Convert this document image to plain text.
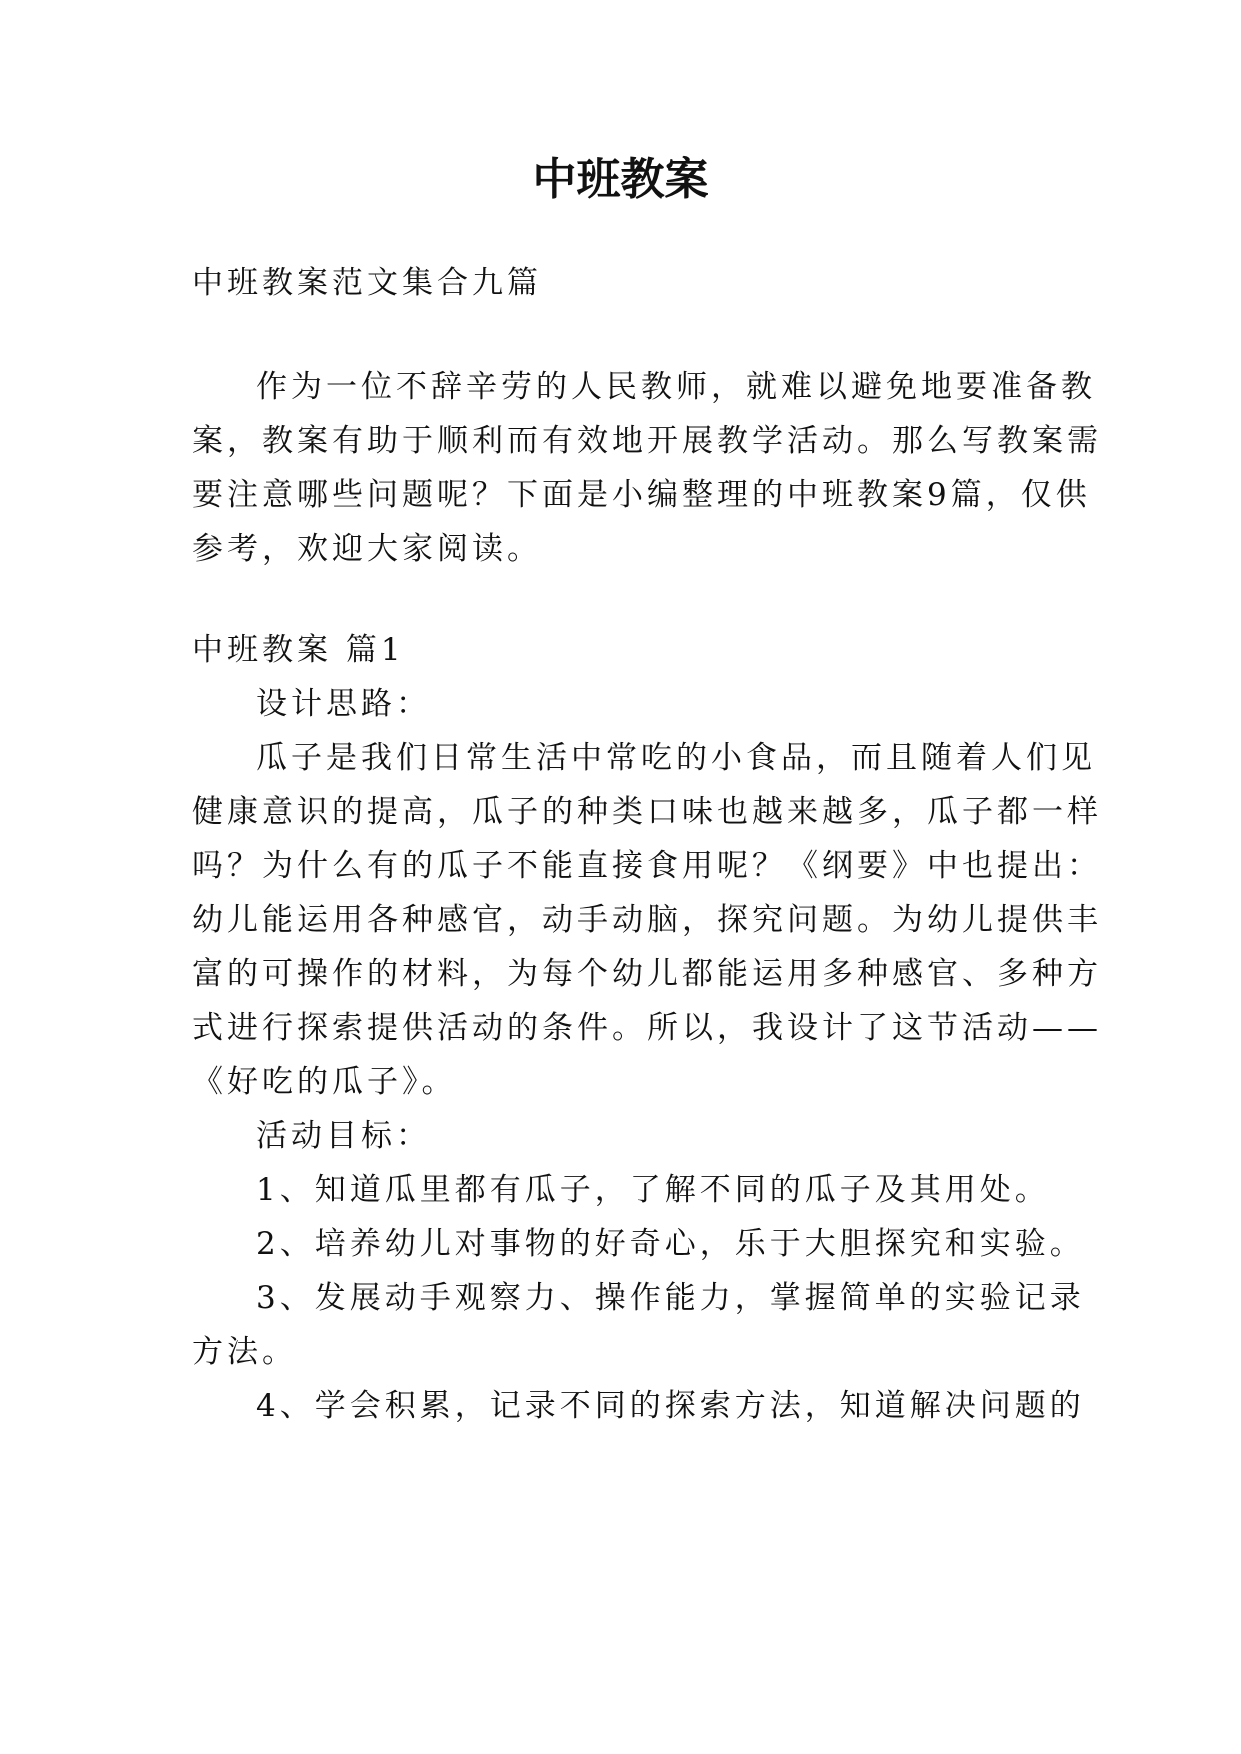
中班教案
中班教案范文集合九篇
作为一位不辞辛劳的人民教师，就难以避免地要准备教
案，教案有助于顺利而有效地开展教学活动。那么写教案需
要注意哪些问题呢？下面是小编整理的中班教案9篇，仅供
参考，欢迎大家阅读。
中班教案 篇1
设计思路：
瓜子是我们日常生活中常吃的小食品，而且随着人们见
健康意识的提高，瓜子的种类口味也越来越多，瓜子都一样
吗？为什么有的瓜子不能直接食用呢？《纲要》中也提出：
幼儿能运用各种感官，动手动脑，探究问题。为幼儿提供丰
富的可操作的材料，为每个幼儿都能运用多种感官、多种方
式进行探索提供活动的条件。所以，我设计了这节活动——
《好吃的瓜子》。
活动目标：
1、知道瓜里都有瓜子，了解不同的瓜子及其用处。
2、培养幼儿对事物的好奇心，乐于大胆探究和实验。
3、发展动手观察力、操作能力，掌握简单的实验记录
方法。
4、学会积累，记录不同的探索方法，知道解决问题的
